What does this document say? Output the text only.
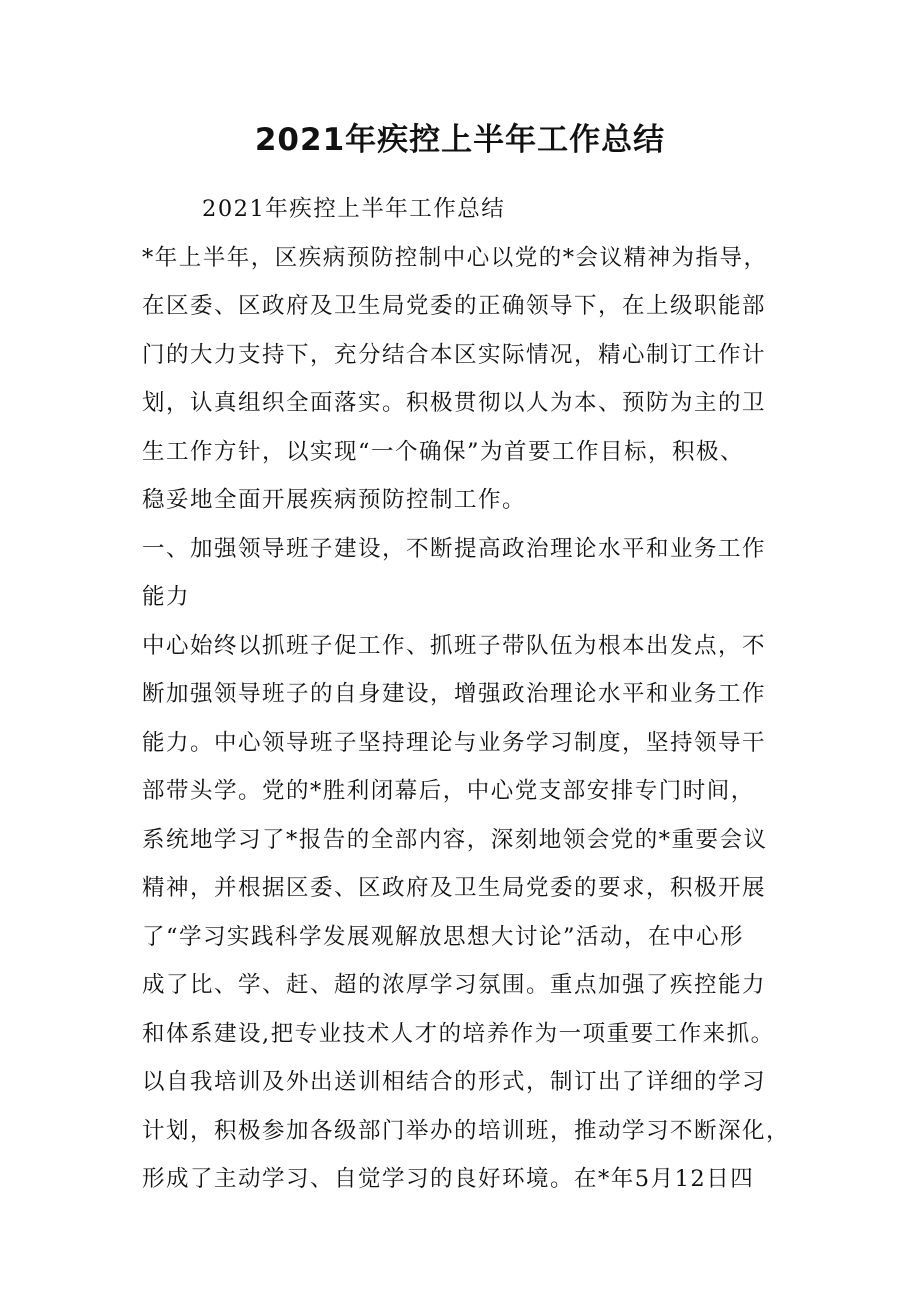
2021年疾控上半年工作总结
2021年疾控上半年工作总结
*年上半年，区疾病预防控制中心以党的*会议精神为指导，
在区委、区政府及卫生局党委的正确领导下，在上级职能部
门的大力支持下，充分结合本区实际情况，精心制订工作计
划，认真组织全面落实。积极贯彻以人为本、预防为主的卫
生工作方针，以实现“一个确保”为首要工作目标，积极、
稳妥地全面开展疾病预防控制工作。
一、加强领导班子建设，不断提高政治理论水平和业务工作
能力
中心始终以抓班子促工作、抓班子带队伍为根本出发点，不
断加强领导班子的自身建设，增强政治理论水平和业务工作
能力。中心领导班子坚持理论与业务学习制度，坚持领导干
部带头学。党的*胜利闭幕后，中心党支部安排专门时间，
系统地学习了*报告的全部内容，深刻地领会党的*重要会议
精神，并根据区委、区政府及卫生局党委的要求，积极开展
了“学习实践科学发展观解放思想大讨论”活动，在中心形
成了比、学、赶、超的浓厚学习氛围。重点加强了疾控能力
和体系建设,把专业技术人才的培养作为一项重要工作来抓。
以自我培训及外出送训相结合的形式，制订出了详细的学习
计划，积极参加各级部门举办的培训班，推动学习不断深化，
形成了主动学习、自觉学习的良好环境。在*年5月12日四
